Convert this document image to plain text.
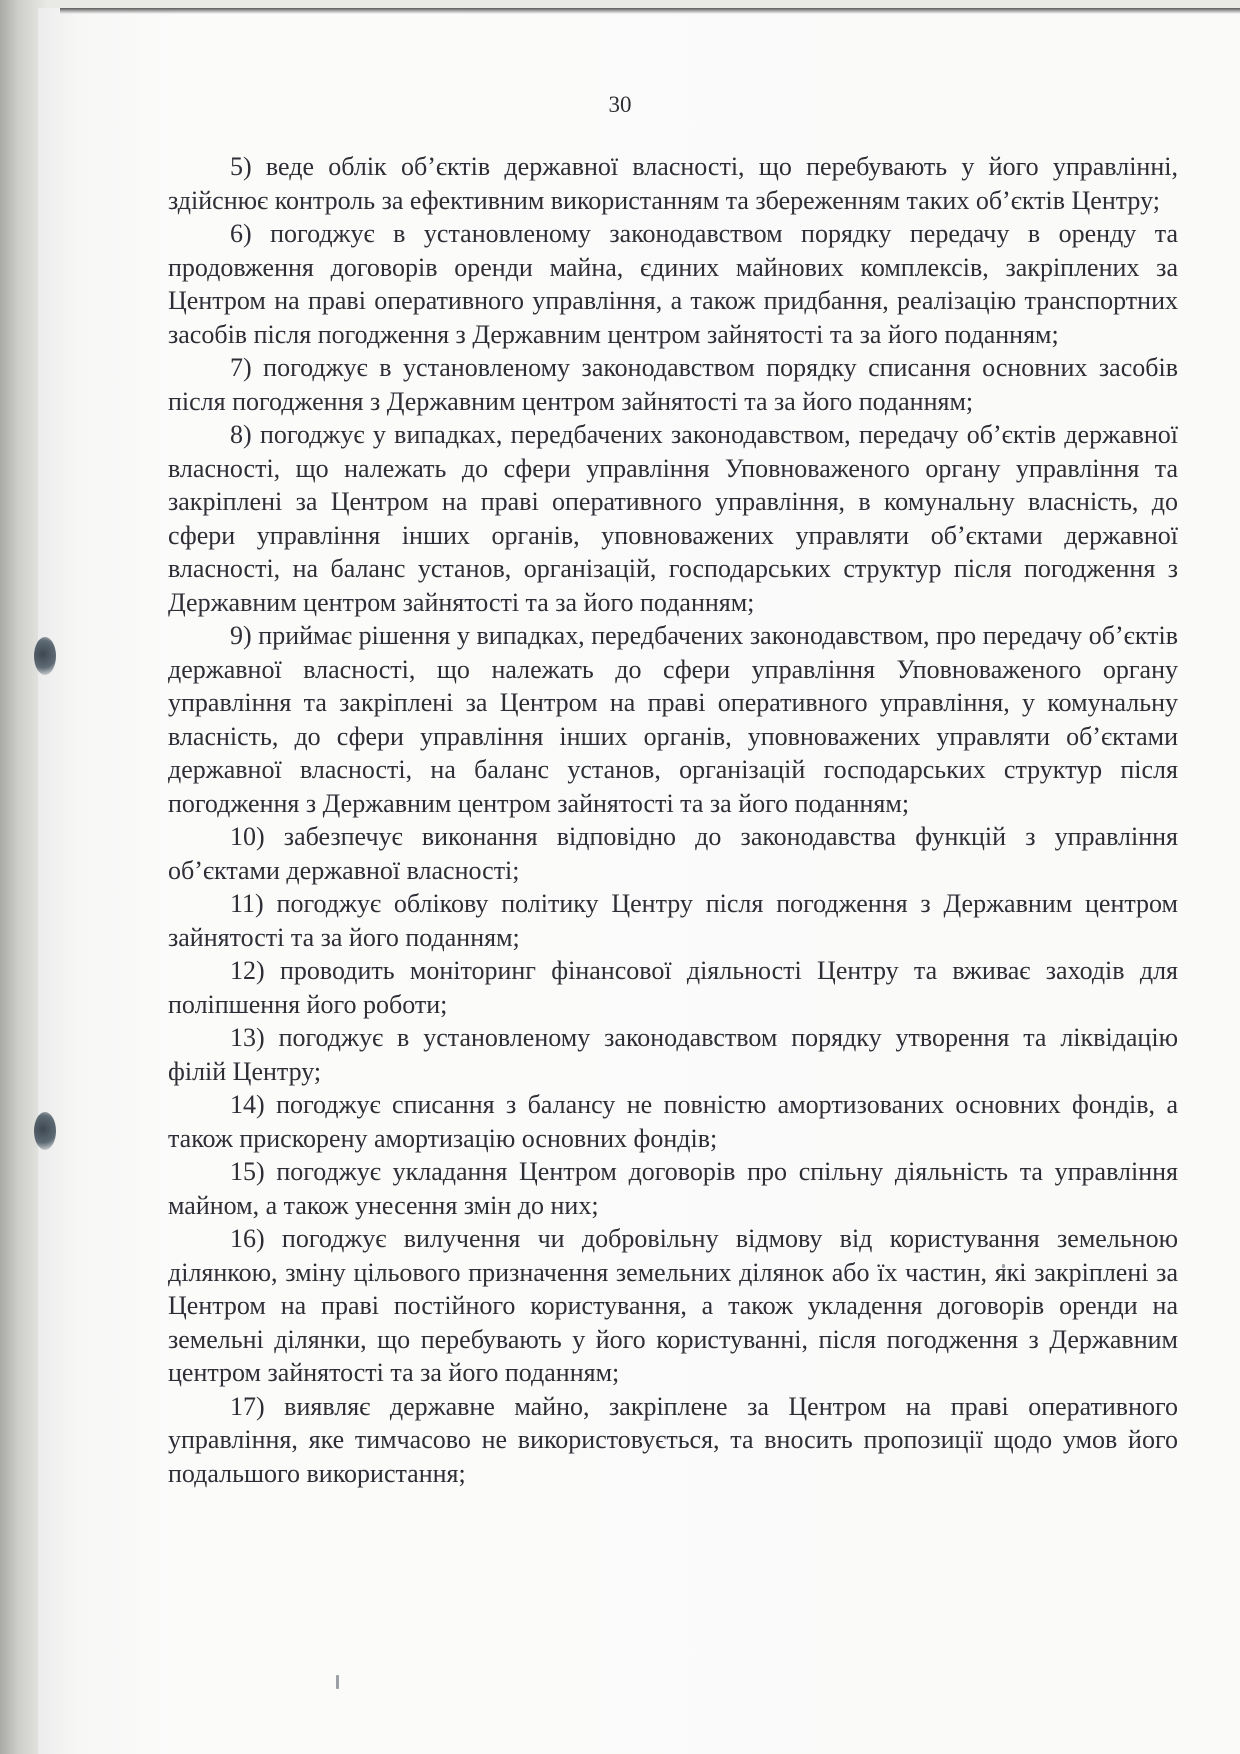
30

5) веде облік об’єктів державної власності, що перебувають у його управлінні, здійснює контроль за ефективним використанням та збереженням таких об’єктів Центру;

6) погоджує в установленому законодавством порядку передачу в оренду та продовження договорів оренди майна, єдиних майнових комплексів, закріплених за Центром на праві оперативного управління, а також придбання, реалізацію транспортних засобів після погодження з Державним центром зайнятості та за його поданням;

7) погоджує в установленому законодавством порядку списання основних засобів після погодження з Державним центром зайнятості та за його поданням;

8) погоджує у випадках, передбачених законодавством, передачу об’єктів державної власності, що належать до сфери управління Уповноваженого органу управління та закріплені за Центром на праві оперативного управління, в комунальну власність, до сфери управління інших органів, уповноважених управляти об’єктами державної власності, на баланс установ, організацій, господарських структур після погодження з Державним центром зайнятості та за його поданням;

9) приймає рішення у випадках, передбачених законодавством, про передачу об’єктів державної власності, що належать до сфери управління Уповноваженого органу управління та закріплені за Центром на праві оперативного управління, у комунальну власність, до сфери управління інших органів, уповноважених управляти об’єктами державної власності, на баланс установ, організацій господарських структур після погодження з Державним центром зайнятості та за його поданням;

10) забезпечує виконання відповідно до законодавства функцій з управління об’єктами державної власності;

11) погоджує облікову політику Центру після погодження з Державним центром зайнятості та за його поданням;

12) проводить моніторинг фінансової діяльності Центру та вживає заходів для поліпшення його роботи;

13) погоджує в установленому законодавством порядку утворення та ліквідацію філій Центру;

14) погоджує списання з балансу не повністю амортизованих основних фондів, а також прискорену амортизацію основних фондів;

15) погоджує укладання Центром договорів про спільну діяльність та управління майном, а також унесення змін до них;

16) погоджує вилучення чи добровільну відмову від користування земельною ділянкою, зміну цільового призначення земельних ділянок або їх частин, які закріплені за Центром на праві постійного користування, а також укладення договорів оренди на земельні ділянки, що перебувають у його користуванні, після погодження з Державним центром зайнятості та за його поданням;

17) виявляє державне майно, закріплене за Центром на праві оперативного управління, яке тимчасово не використовується, та вносить пропозиції щодо умов його подальшого використання;
